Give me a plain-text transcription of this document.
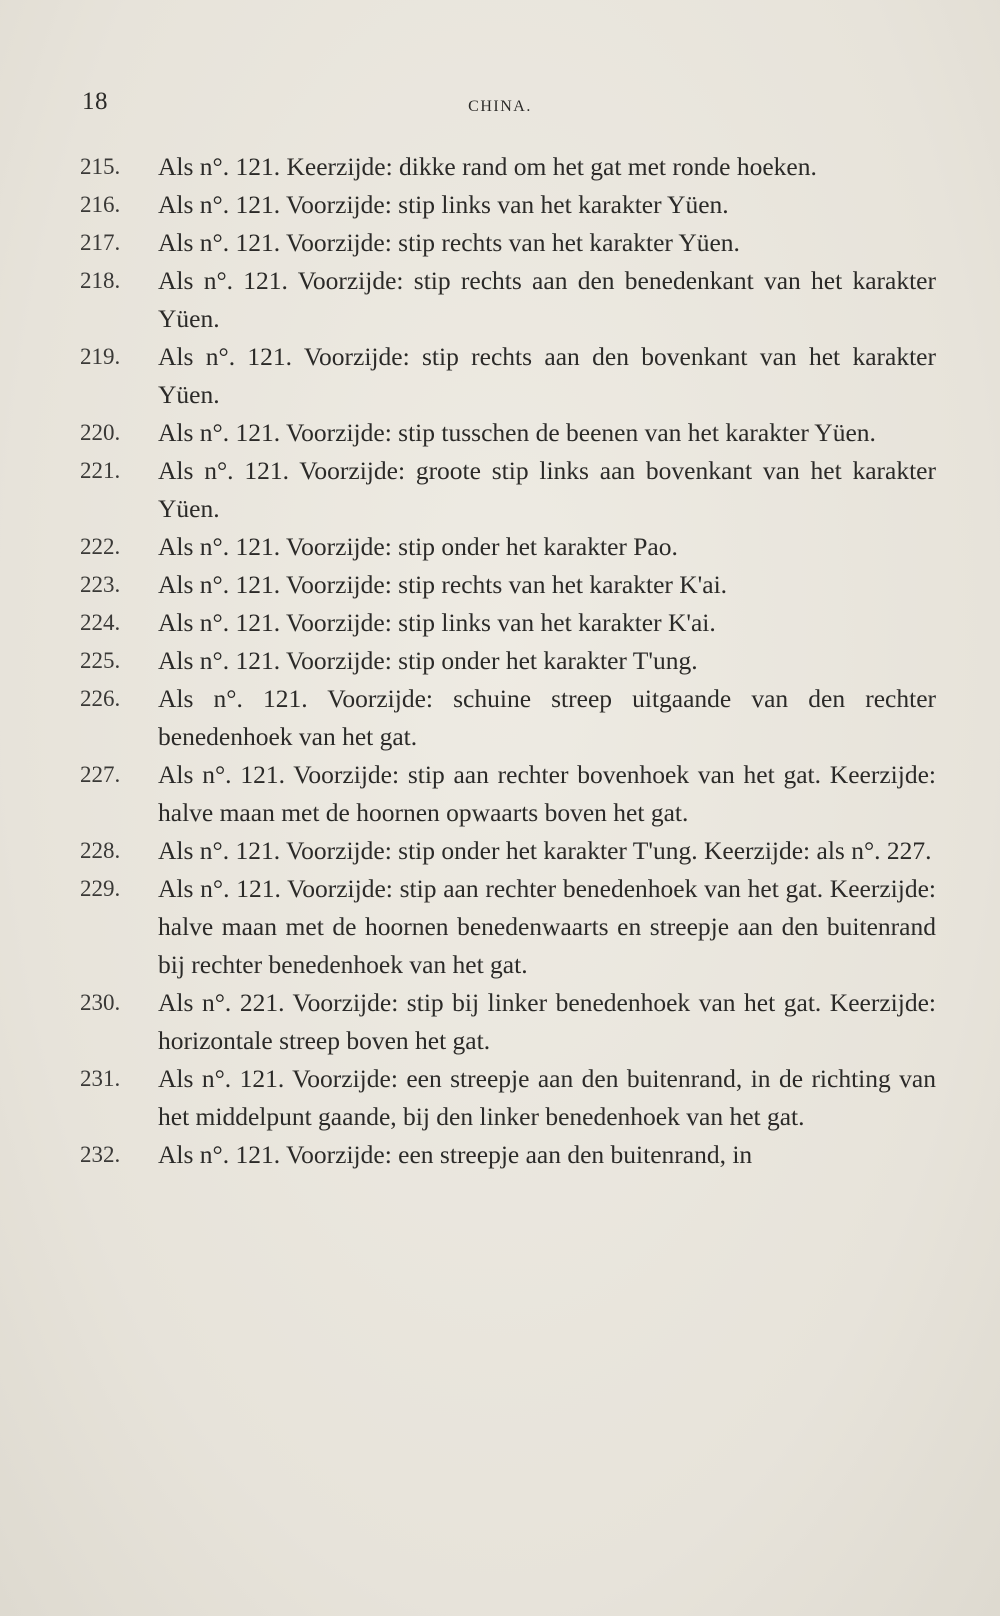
18	CHINA.
215. Als n°. 121. Keerzijde: dikke rand om het gat met ronde hoeken.
216. Als n°. 121. Voorzijde: stip links van het karakter Yüen.
217. Als n°. 121. Voorzijde: stip rechts van het karakter Yüen.
218. Als n°. 121. Voorzijde: stip rechts aan den benedenkant van het karakter Yüen.
219. Als n°. 121. Voorzijde: stip rechts aan den bovenkant van het karakter Yüen.
220. Als n°. 121. Voorzijde: stip tusschen de beenen van het karakter Yüen.
221. Als n°. 121. Voorzijde: groote stip links aan bovenkant van het karakter Yüen.
222. Als n°. 121. Voorzijde: stip onder het karakter Pao.
223. Als n°. 121. Voorzijde: stip rechts van het karakter K'ai.
224. Als n°. 121. Voorzijde: stip links van het karakter K'ai.
225. Als n°. 121. Voorzijde: stip onder het karakter T'ung.
226. Als n°. 121. Voorzijde: schuine streep uitgaande van den rechter benedenhoek van het gat.
227. Als n°. 121. Voorzijde: stip aan rechter bovenhoek van het gat. Keerzijde: halve maan met de hoornen opwaarts boven het gat.
228. Als n°. 121. Voorzijde: stip onder het karakter T'ung. Keerzijde: als n°. 227.
229. Als n°. 121. Voorzijde: stip aan rechter benedenhoek van het gat. Keerzijde: halve maan met de hoornen benedenwaarts en streepje aan den buitenrand bij rechter benedenhoek van het gat.
230. Als n°. 221. Voorzijde: stip bij linker benedenhoek van het gat. Keerzijde: horizontale streep boven het gat.
231. Als n°. 121. Voorzijde: een streepje aan den buitenrand, in de richting van het middelpunt gaande, bij den linker benedenhoek van het gat.
232. Als n°. 121. Voorzijde: een streepje aan den buitenrand, in
